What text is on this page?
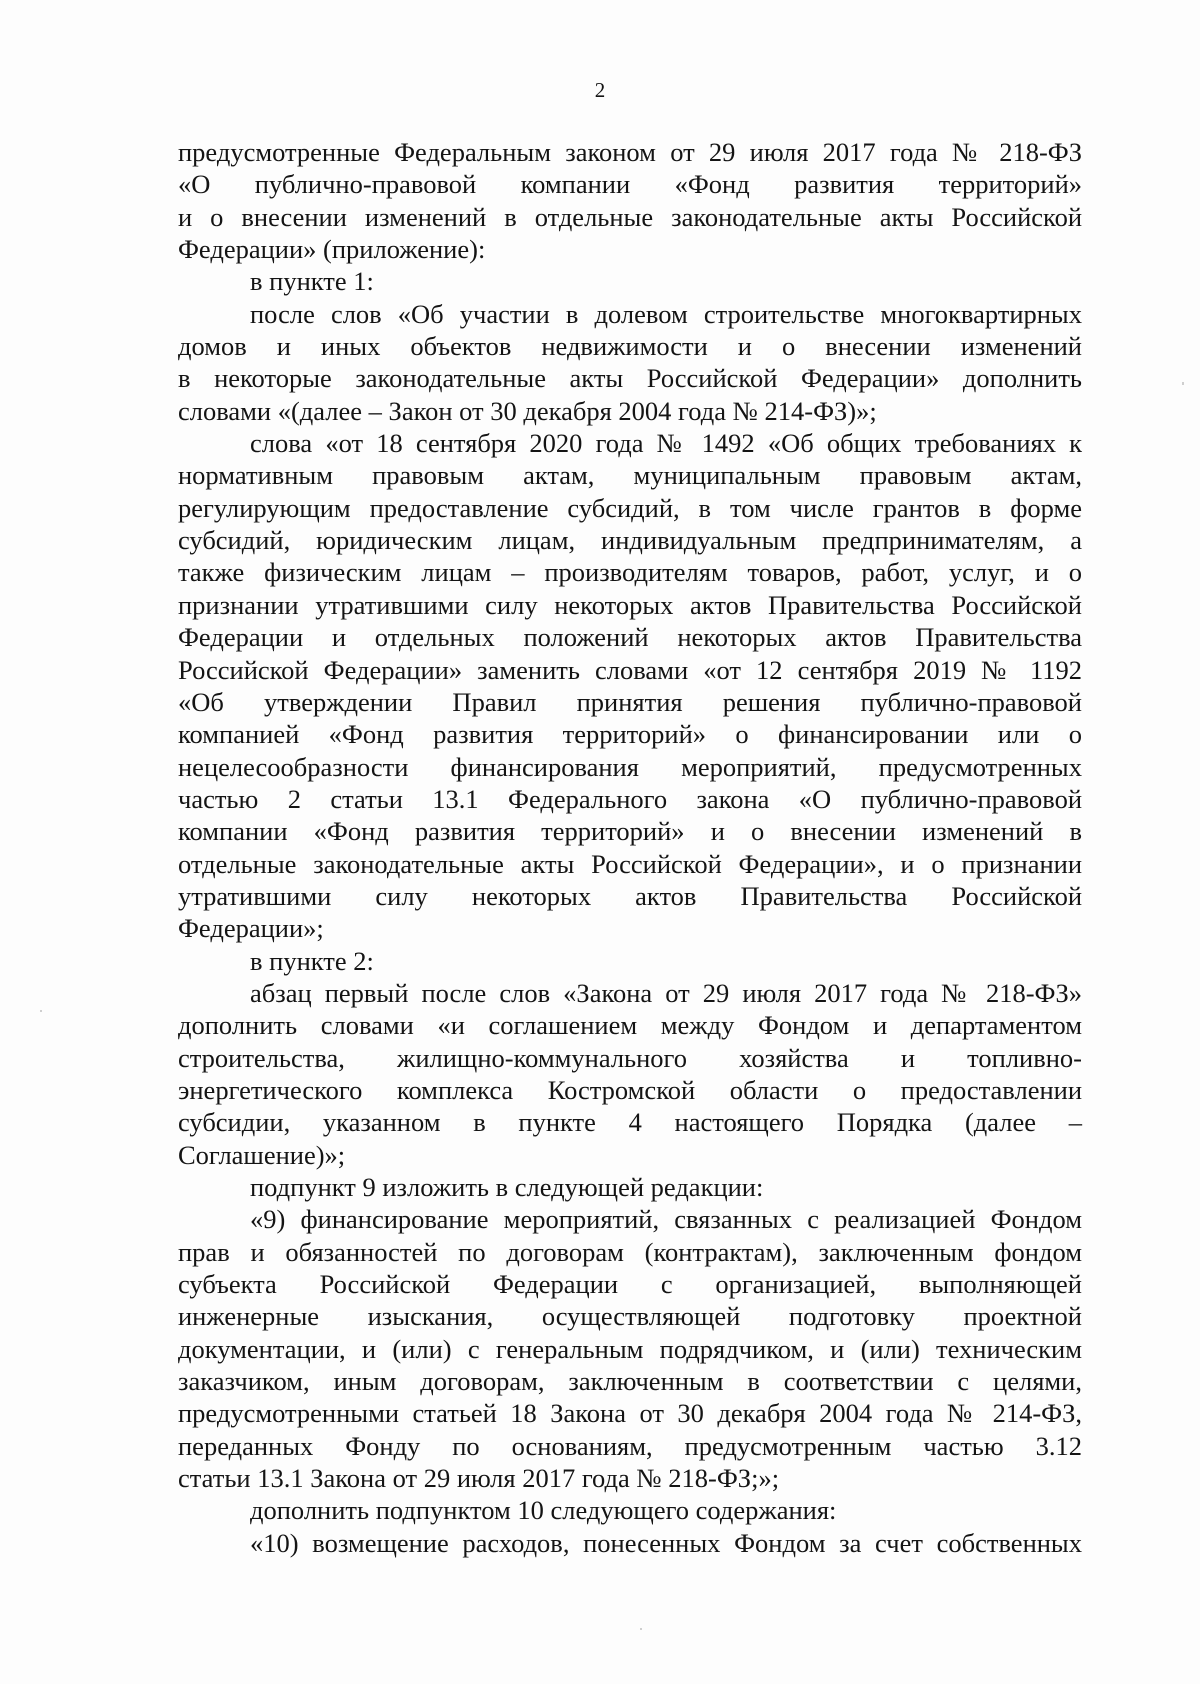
2
предусмотренные Федеральным законом от 29 июля 2017 года № 218-ФЗ
«О публично-правовой компании «Фонд развития территорий»
и о внесении изменений в отдельные законодательные акты Российской
Федерации» (приложение):
в пункте 1:
после слов «Об участии в долевом строительстве многоквартирных
домов и иных объектов недвижимости и о внесении изменений
в некоторые законодательные акты Российской Федерации» дополнить
словами «(далее – Закон от 30 декабря 2004 года № 214-ФЗ)»;
слова «от 18 сентября 2020 года № 1492 «Об общих требованиях к
нормативным правовым актам, муниципальным правовым актам,
регулирующим предоставление субсидий, в том числе грантов в форме
субсидий, юридическим лицам, индивидуальным предпринимателям, а
также физическим лицам – производителям товаров, работ, услуг, и о
признании утратившими силу некоторых актов Правительства Российской
Федерации и отдельных положений некоторых актов Правительства
Российской Федерации» заменить словами «от 12 сентября 2019 № 1192
«Об утверждении Правил принятия решения публично-правовой
компанией «Фонд развития территорий» о финансировании или о
нецелесообразности финансирования мероприятий, предусмотренных
частью 2 статьи 13.1 Федерального закона «О публично-правовой
компании «Фонд развития территорий» и о внесении изменений в
отдельные законодательные акты Российской Федерации», и о признании
утратившими силу некоторых актов Правительства Российской
Федерации»;
в пункте 2:
абзац первый после слов «Закона от 29 июля 2017 года № 218-ФЗ»
дополнить словами «и соглашением между Фондом и департаментом
строительства, жилищно-коммунального хозяйства и топливно-
энергетического комплекса Костромской области о предоставлении
субсидии, указанном в пункте 4 настоящего Порядка (далее –
Соглашение)»;
подпункт 9 изложить в следующей редакции:
«9) финансирование мероприятий, связанных с реализацией Фондом
прав и обязанностей по договорам (контрактам), заключенным фондом
субъекта Российской Федерации с организацией, выполняющей
инженерные изыскания, осуществляющей подготовку проектной
документации, и (или) с генеральным подрядчиком, и (или) техническим
заказчиком, иным договорам, заключенным в соответствии с целями,
предусмотренными статьей 18 Закона от 30 декабря 2004 года № 214-ФЗ,
переданных Фонду по основаниям, предусмотренным частью 3.12
статьи 13.1 Закона от 29 июля 2017 года № 218-ФЗ;»;
дополнить подпунктом 10 следующего содержания:
«10) возмещение расходов, понесенных Фондом за счет собственных
